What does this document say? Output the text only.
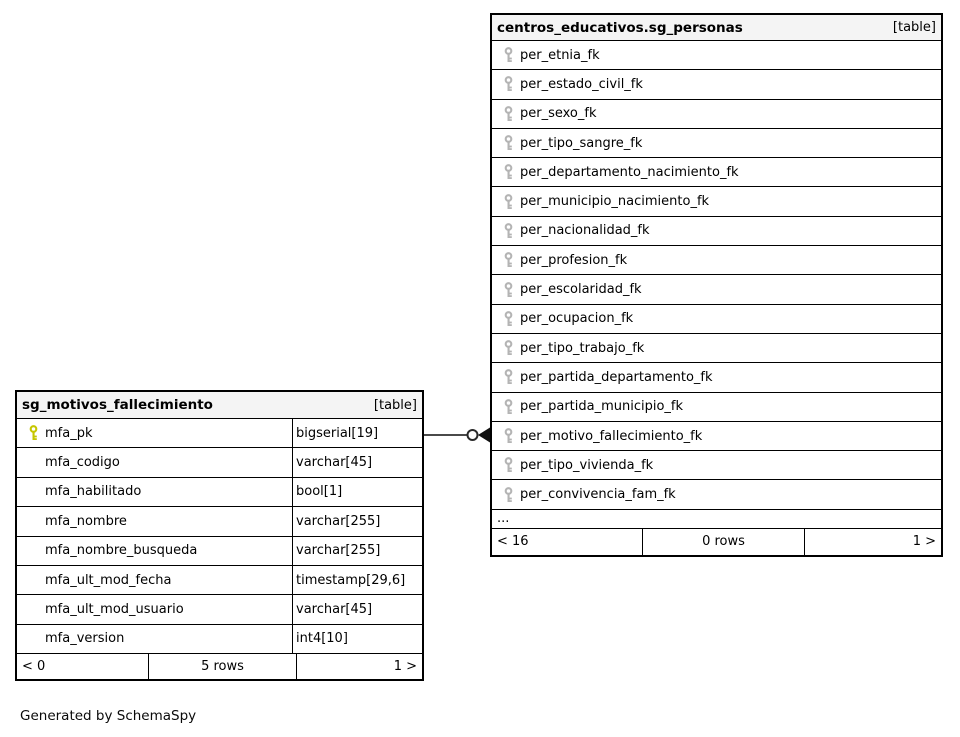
sg_motivos_fallecimiento	[table]
mfa_pk	bigserial[19]
mfa_codigo	varchar[45]
mfa_habilitado	bool[1]
mfa_nombre	varchar[255]
mfa_nombre_busqueda	varchar[255]
mfa_ult_mod_fecha	timestamp[29,6]
mfa_ult_mod_usuario	varchar[45]
mfa_version	int4[10]
< 0	5 rows	1 >
centros_educativos.sg_personas	[table]
per_etnia_fk
per_estado_civil_fk
per_sexo_fk
per_tipo_sangre_fk
per_departamento_nacimiento_fk
per_municipio_nacimiento_fk
per_nacionalidad_fk
per_profesion_fk
per_escolaridad_fk
per_ocupacion_fk
per_tipo_trabajo_fk
per_partida_departamento_fk
per_partida_municipio_fk
per_motivo_fallecimiento_fk
per_tipo_vivienda_fk
per_convivencia_fam_fk
...
< 16	0 rows	1 >
Generated by SchemaSpy
